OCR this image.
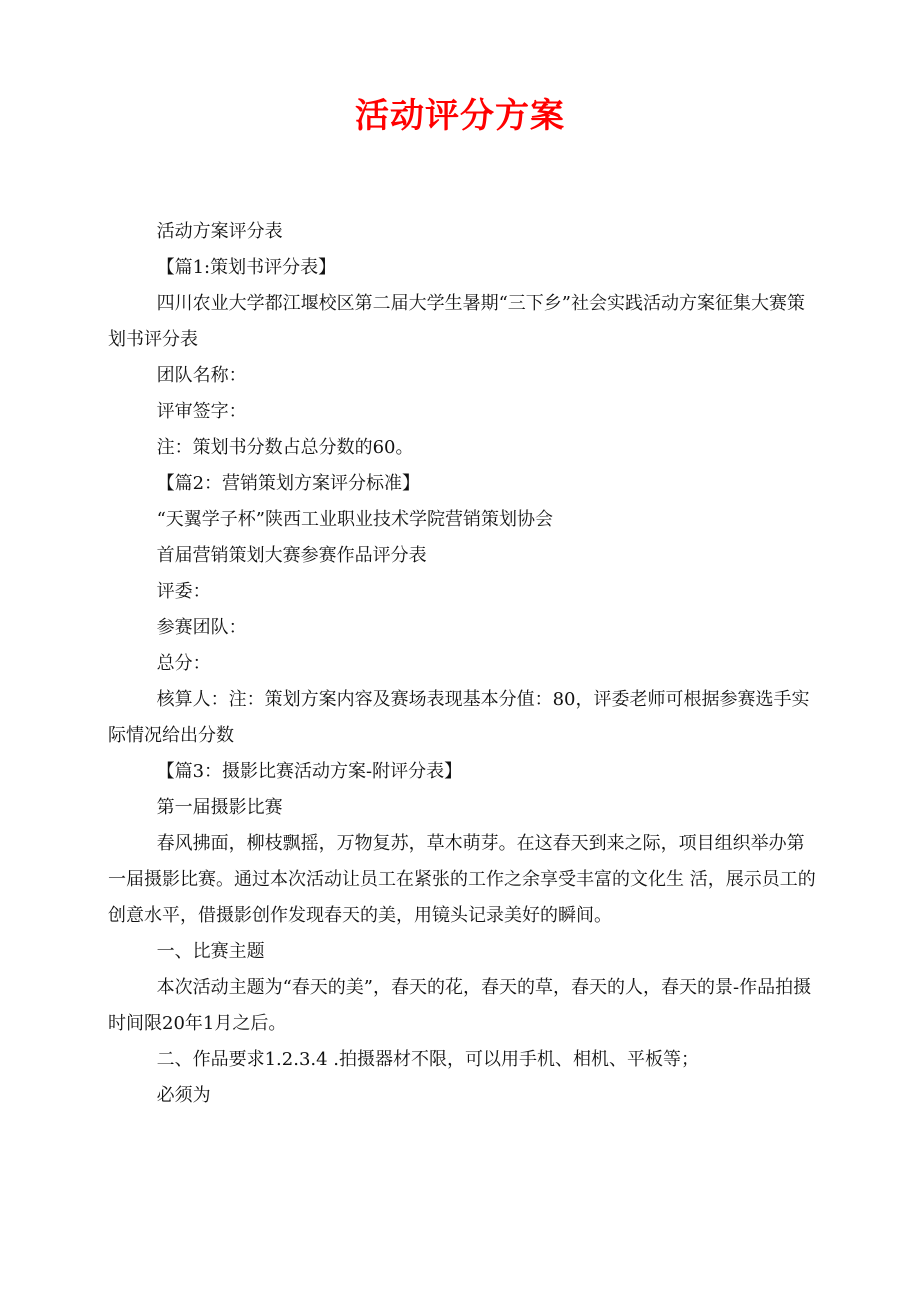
活动评分方案

活动方案评分表

【篇1:策划书评分表】

四川农业大学都江堰校区第二届大学生暑期“三下乡”社会实践活动方案征集大赛策划书评分表

团队名称：

评审签字：

注：策划书分数占总分数的60。

【篇2：营销策划方案评分标准】

“天翼学子杯”陕西工业职业技术学院营销策划协会

首届营销策划大赛参赛作品评分表

评委：

参赛团队：

总分：

核算人：注：策划方案内容及赛场表现基本分值：80，评委老师可根据参赛选手实际情况给出分数

【篇3：摄影比赛活动方案-附评分表】

第一届摄影比赛

春风拂面，柳枝飘摇，万物复苏，草木萌芽。在这春天到来之际，项目组织举办第一届摄影比赛。通过本次活动让员工在紧张的工作之余享受丰富的文化生 活，展示员工的创意水平，借摄影创作发现春天的美，用镜头记录美好的瞬间。

一、比赛主题

本次活动主题为“春天的美”，春天的花，春天的草，春天的人，春天的景-作品拍摄时间限20年1月之后。

二、作品要求1.2.3.4 .拍摄器材不限，可以用手机、相机、平板等；

必须为
